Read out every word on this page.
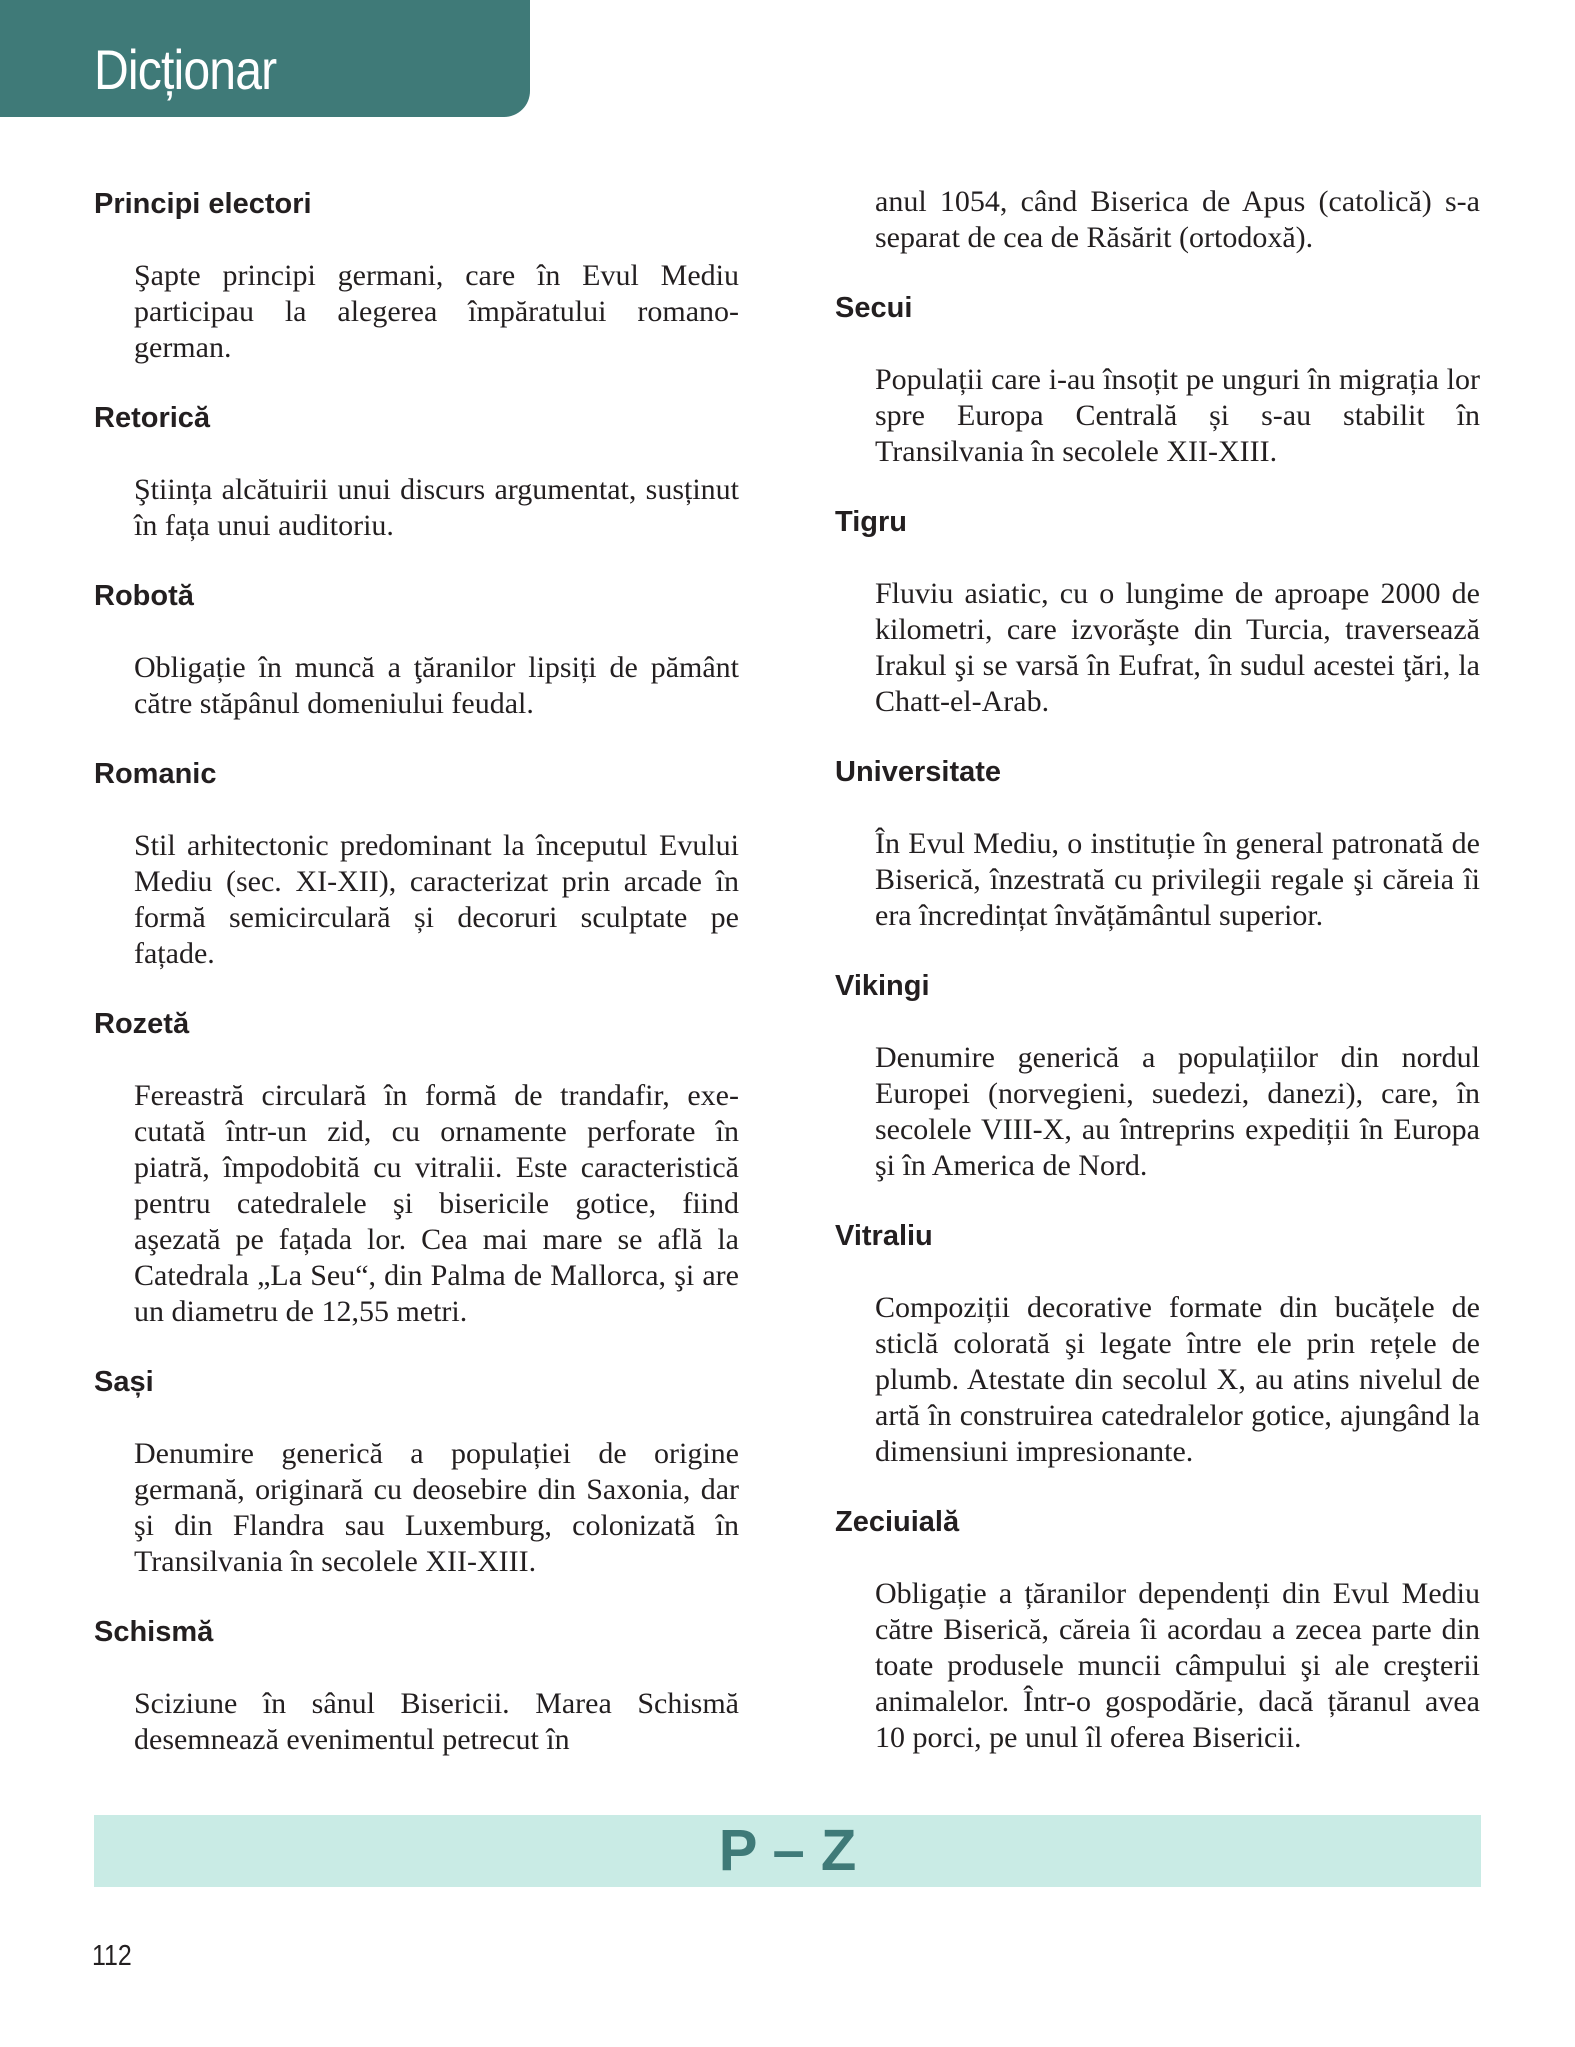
Dicționar
Principi electori

Şapte principi germani, care în Evul Mediu participau la alegerea împăratului romano-german.

Retorică

Ştiința alcătuirii unui discurs argumentat, susținut în fața unui auditoriu.

Robotă

Obligație în muncă a ţăranilor lipsiți de pământ către stăpânul domeniului feudal.

Romanic

Stil arhitectonic predominant la începutul Evului Mediu (sec. XI-XII), caracterizat prin arcade în formă semicirculară și decoruri sculptate pe fațade.

Rozetă

Fereastră circulară în formă de trandafir, executată într-un zid, cu ornamente perforate în piatră, împodobită cu vitralii. Este caracteristică pentru catedralele şi bisericile gotice, fiind aşezată pe fațada lor. Cea mai mare se află la Catedrala „La Seu“, din Palma de Mallorca, şi are un diametru de 12,55 metri.

Sași

Denumire generică a populației de origine germană, originară cu deosebire din Saxonia, dar şi din Flandra sau Luxemburg, colonizată în Transilvania în secolele XII-XIII.

Schismă

Sciziune în sânul Bisericii. Marea Schismă desemnează evenimentul petrecut în

anul 1054, când Biserica de Apus (catolică) s-a separat de cea de Răsărit (ortodoxă).

Secui

Populații care i-au însoțit pe unguri în migrația lor spre Europa Centrală și s-au stabilit în Transilvania în secolele XII-XIII.

Tigru

Fluviu asiatic, cu o lungime de aproape 2000 de kilometri, care izvorăşte din Turcia, traversează Irakul şi se varsă în Eufrat, în sudul acestei ţări, la Chatt-el-Arab.

Universitate

În Evul Mediu, o instituție în general patronată de Biserică, înzestrată cu privilegii regale şi căreia îi era încredințat învățământul superior.

Vikingi

Denumire generică a populațiilor din nordul Europei (norvegieni, suedezi, danezi), care, în secolele VIII-X, au întreprins expediții în Europa şi în America de Nord.

Vitraliu

Compoziții decorative formate din bucățele de sticlă colorată şi legate între ele prin rețele de plumb. Atestate din secolul X, au atins nivelul de artă în construirea catedralelor gotice, ajungând la dimensiuni impresionante.

Zeciuială

Obligație a țăranilor dependenți din Evul Mediu către Biserică, căreia îi acordau a zecea parte din toate produsele muncii câmpului şi ale creşterii animalelor. Într-o gospodărie, dacă țăranul avea 10 porci, pe unul îl oferea Bisericii.

P – Z

112
